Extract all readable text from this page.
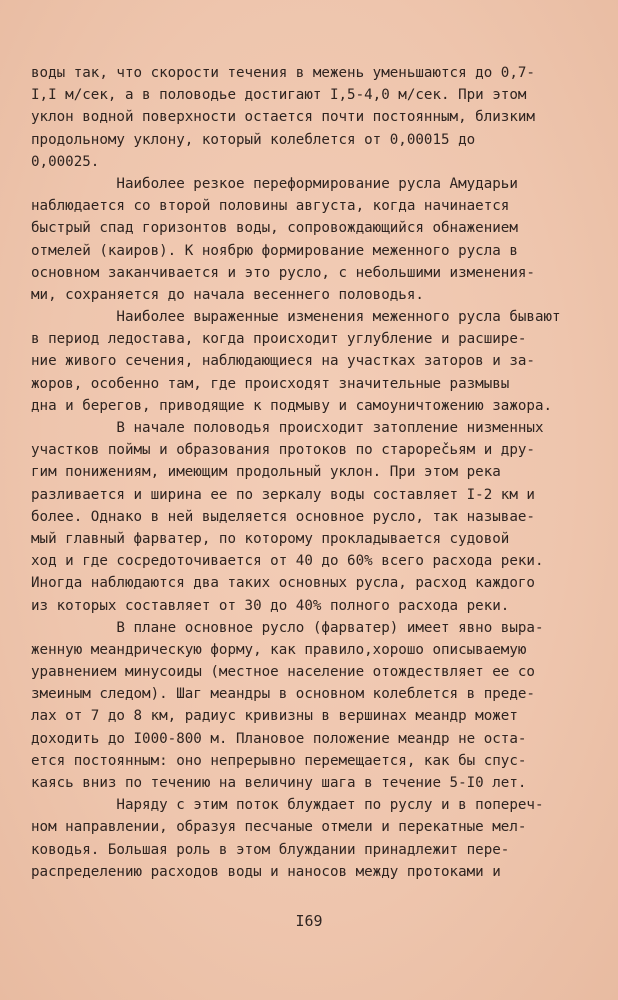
воды так, что скорости течения в межень уменьшаются до 0,7-
I,I м/сек, а в половодье достигают I,5-4,0 м/сек. При этом
уклон водной поверхности остается почти постоянным, близким
продольному уклону, который колеблется от 0,00015 до
0,00025.
Наиболее резкое переформирование русла Амударьи
наблюдается со второй половины августа, когда начинается
быстрый спад горизонтов воды, сопровождающийся обнажением
отмелей (каиров). К ноябрю формирование меженного русла в
основном заканчивается и это русло, с небольшими изменения-
ми, сохраняется до начала весеннего половодья.
Наиболее выраженные изменения меженного русла бывают
в период ледостава, когда происходит углубление и расшире-
ние живого сечения, наблюдающиеся на участках заторов и за-
жоров, особенно там, где происходят значительные размывы
дна и берегов, приводящие к подмыву и самоуничтожению зажора.
В начале половодья происходит затопление низменных
участков поймы и образования протоков по старорečьям и дру-
гим понижениям, имеющим продольный уклон. При этом река
разливается и ширина ее по зеркалу воды составляет I-2 км и
более. Однако в ней выделяется основное русло, так называе-
мый главный фарватер, по которому прокладывается судовой
ход и где сосредоточивается от 40 до 60% всего расхода реки.
Иногда наблюдаются два таких основных русла, расход каждого
из которых составляет от 30 до 40% полного расхода реки.
В плане основное русло (фарватер) имеет явно выра-
женную меандрическую форму, как правило,хорошо описываемую
уравнением минусоиды (местное население отождествляет ее со
змеиным следом). Шаг меандры в основном колеблется в преде-
лах от 7 до 8 км, радиус кривизны в вершинах меандр может
доходить до I000-800 м. Плановое положение меандр не оста-
ется постоянным: оно непрерывно перемещается, как бы спус-
каясь вниз по течению на величину шага в течение 5-I0 лет.
Наряду с этим поток блуждает по руслу и в попереч-
ном направлении, образуя песчаные отмели и перекатные мел-
ководья. Большая роль в этом блуждании принадлежит пере-
распределению расходов воды и наносов между протоками и
I69
